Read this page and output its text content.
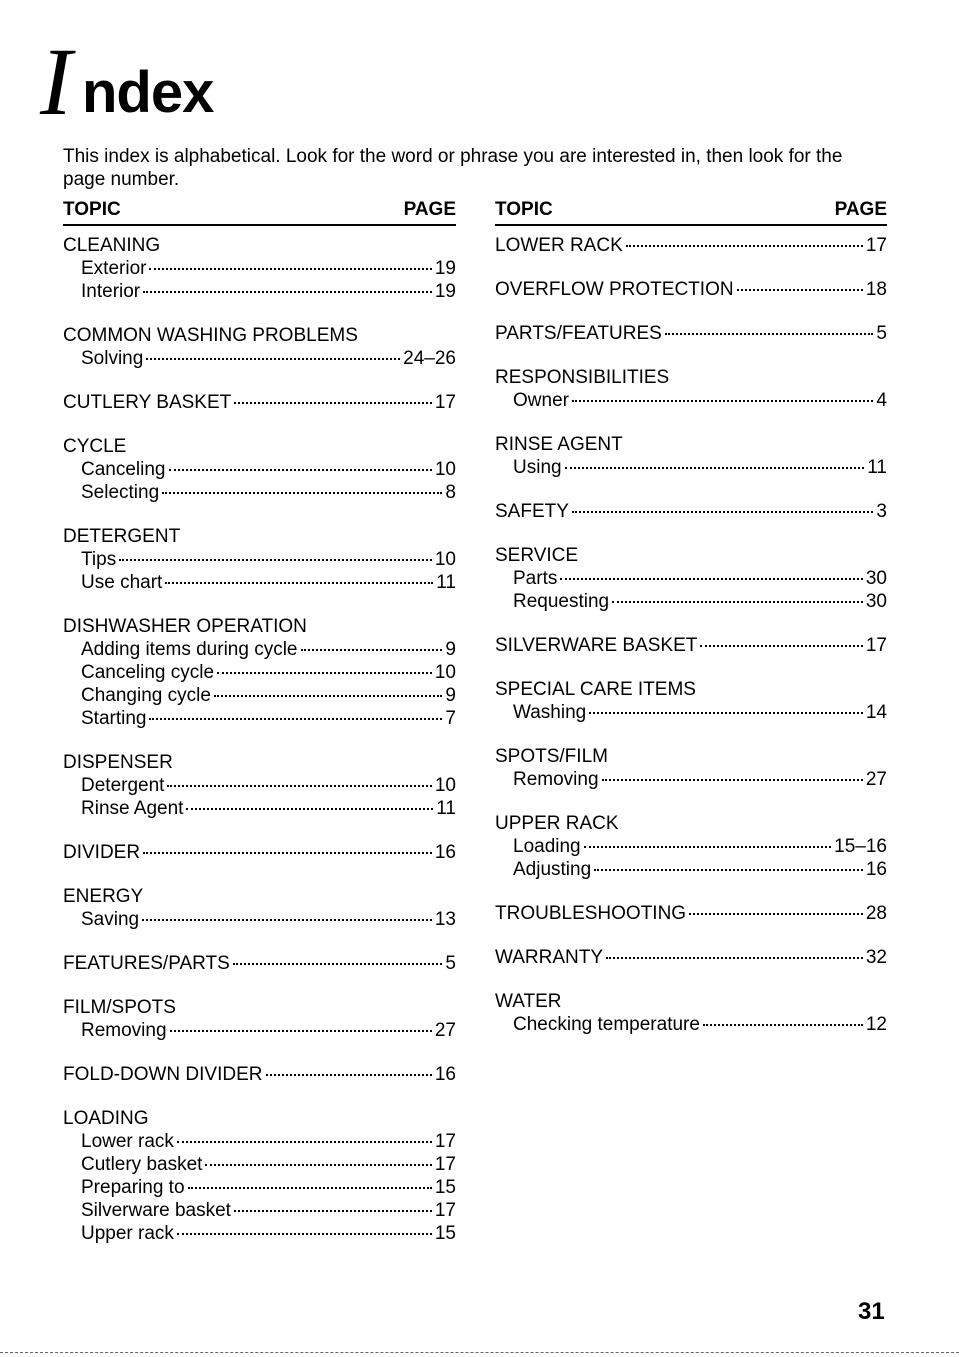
I ndex
This index is alphabetical. Look for the word or phrase you are interested in, then look for the page number.
TOPIC	PAGE
CLEANING
Exterior	19
Interior	19
COMMON WASHING PROBLEMS
Solving	24–26
CUTLERY BASKET	17
CYCLE
Canceling	10
Selecting	8
DETERGENT
Tips	10
Use chart	11
DISHWASHER OPERATION
Adding items during cycle	9
Canceling cycle	10
Changing cycle	9
Starting	7
DISPENSER
Detergent	10
Rinse Agent	11
DIVIDER	16
ENERGY
Saving	13
FEATURES/PARTS	5
FILM/SPOTS
Removing	27
FOLD-DOWN DIVIDER	16
LOADING
Lower rack	17
Cutlery basket	17
Preparing to	15
Silverware basket	17
Upper rack	15
TOPIC	PAGE
LOWER RACK	17
OVERFLOW PROTECTION	18
PARTS/FEATURES	5
RESPONSIBILITIES
Owner	4
RINSE AGENT
Using	11
SAFETY	3
SERVICE
Parts	30
Requesting	30
SILVERWARE BASKET	17
SPECIAL CARE ITEMS
Washing	14
SPOTS/FILM
Removing	27
UPPER RACK
Loading	15–16
Adjusting	16
TROUBLESHOOTING	28
WARRANTY	32
WATER
Checking temperature	12
31
